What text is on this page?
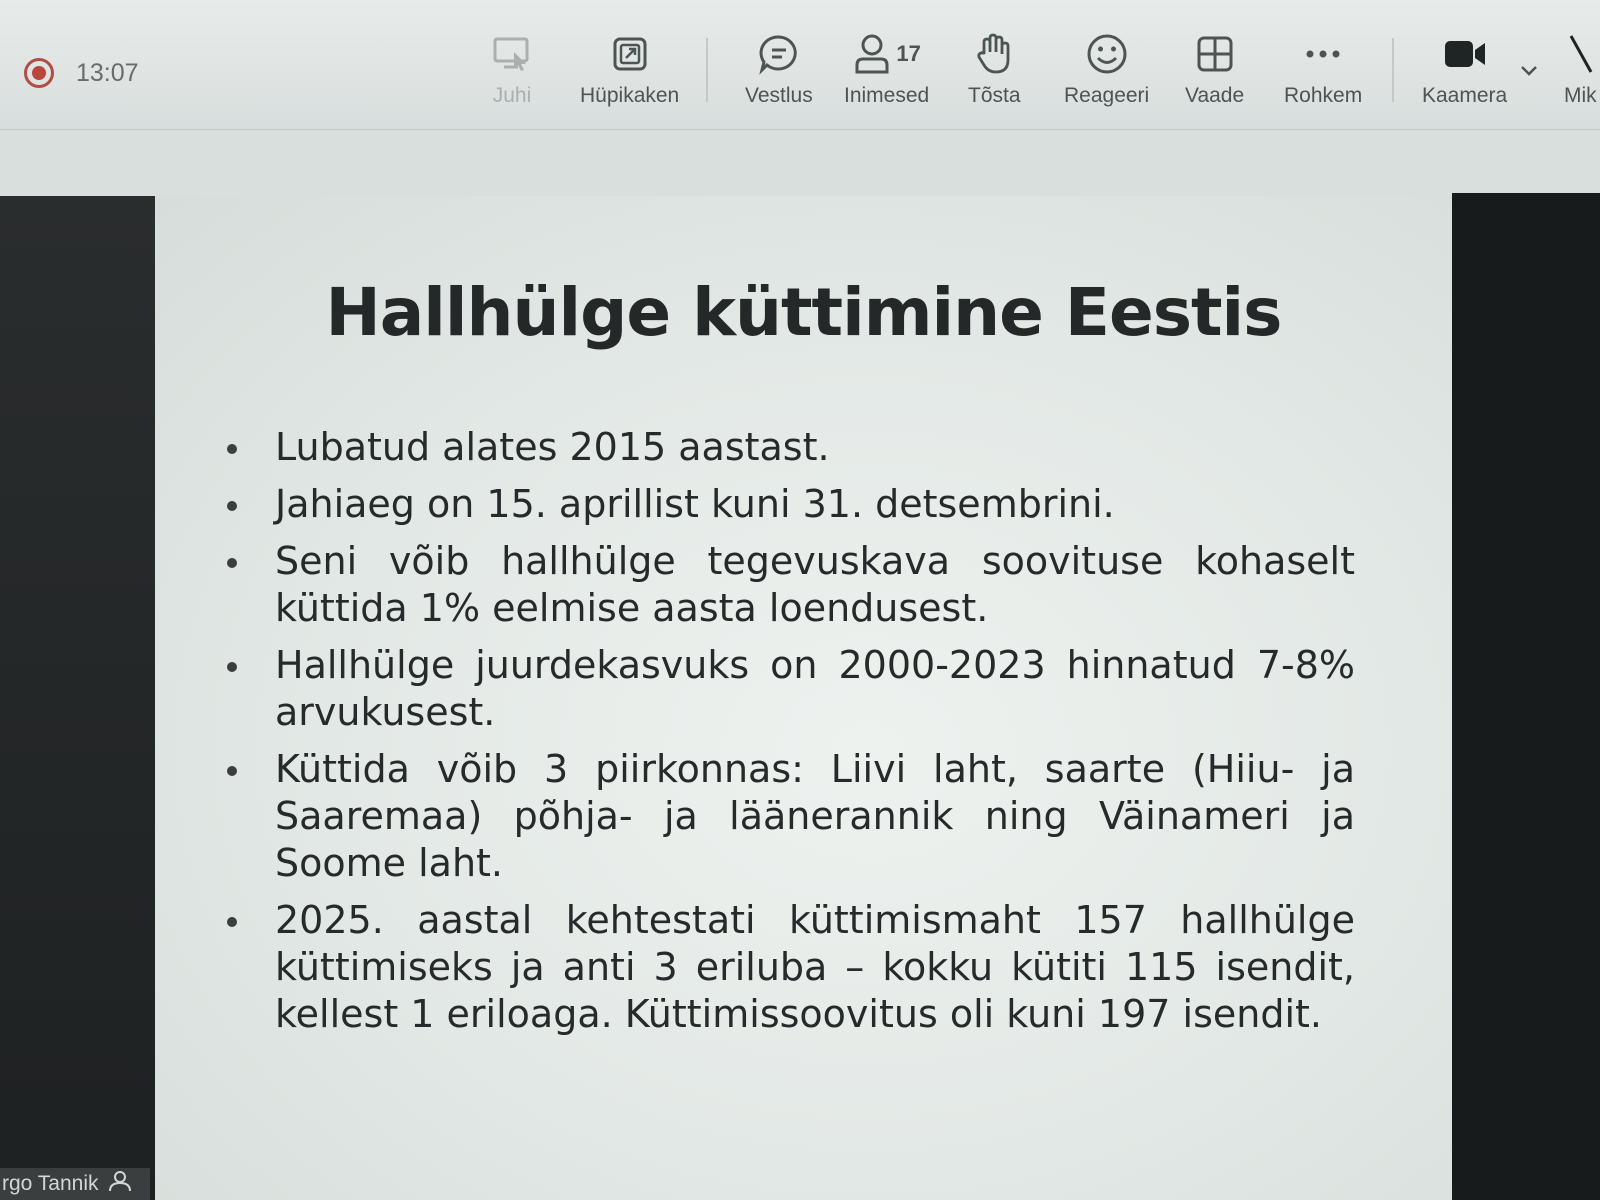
13:07
Juhi Hüpikaken	Vestlus
17
Inimesed Tõsta Reageeri Vaade Rohkem	Kaamera	Mik
Hallhülge küttimine Eestis
Lubatud alates 2015 aastast.
Jahiaeg on 15. aprillist kuni 31. detsembrini.
Seni võib hallhülge tegevuskava soovituse kohaselt küttida 1% eelmise aasta loendusest.
Hallhülge juurdekasvuks on 2000-2023 hinnatud 7-8% arvukusest.
Küttida võib 3 piirkonnas: Liivi laht, saarte (Hiiu- ja Saaremaa) põhja- ja läänerannik ning Väinameri ja Soome laht.
2025. aastal kehtestati küttimismaht 157 hallhülge küttimiseks ja anti 3 eriluba – kokku kütiti 115 isendit, kellest 1 eriloaga. Küttimissoovitus oli kuni 197 isendit.
rgo Tannik
